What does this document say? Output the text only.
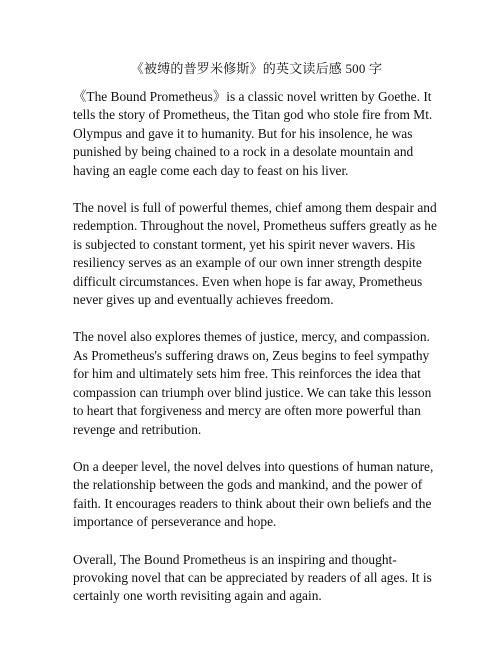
《被缚的普罗米修斯》的英文读后感 500 字

《The Bound Prometheus》is a classic novel written by Goethe. It tells the story of Prometheus, the Titan god who stole fire from Mt. Olympus and gave it to humanity. But for his insolence, he was punished by being chained to a rock in a desolate mountain and having an eagle come each day to feast on his liver.

The novel is full of powerful themes, chief among them despair and redemption. Throughout the novel, Prometheus suffers greatly as he is subjected to constant torment, yet his spirit never wavers. His resiliency serves as an example of our own inner strength despite difficult circumstances. Even when hope is far away, Prometheus never gives up and eventually achieves freedom.

The novel also explores themes of justice, mercy, and compassion. As Prometheus's suffering draws on, Zeus begins to feel sympathy for him and ultimately sets him free. This reinforces the idea that compassion can triumph over blind justice. We can take this lesson to heart that forgiveness and mercy are often more powerful than revenge and retribution.

On a deeper level, the novel delves into questions of human nature, the relationship between the gods and mankind, and the power of faith. It encourages readers to think about their own beliefs and the importance of perseverance and hope.

Overall, The Bound Prometheus is an inspiring and thought-provoking novel that can be appreciated by readers of all ages. It is certainly one worth revisiting again and again.
